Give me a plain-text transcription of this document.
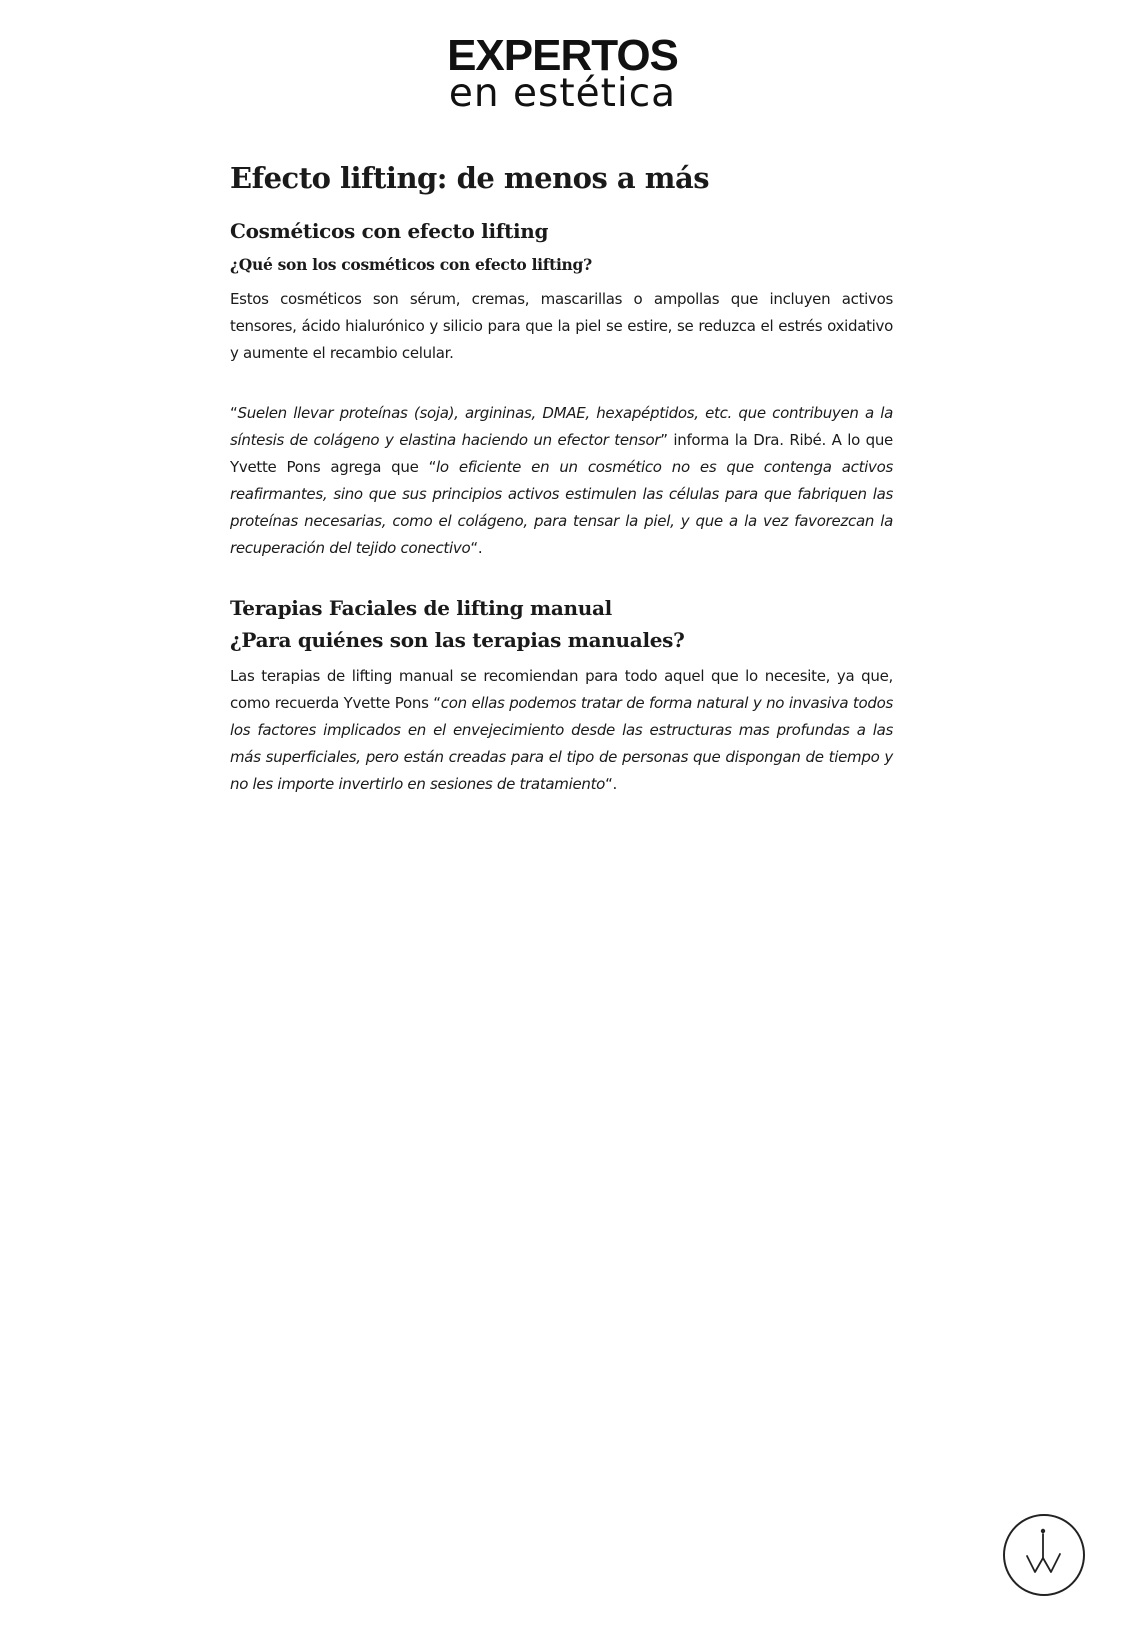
EXPERTOS
en estética
Efecto lifting: de menos a más
Cosméticos con efecto lifting
¿Qué son los cosméticos con efecto lifting?

Estos cosméticos son sérum, cremas, mascarillas o ampollas que incluyen activos tensores, ácido hialurónico y silicio para que la piel se estire, se reduzca el estrés oxidativo y aumente el recambio celular.

“Suelen llevar proteínas (soja), argininas, DMAE, hexapéptidos, etc. que contribuyen a la síntesis de colágeno y elastina haciendo un efector tensor” informa la Dra. Ribé. A lo que Yvette Pons agrega que “lo eficiente en un cosmético no es que contenga activos reafirmantes, sino que sus principios activos estimulen las células para que fabriquen las proteínas necesarias, como el colágeno, para tensar la piel, y que a la vez favorezcan la recuperación del tejido conectivo“.

Terapias Faciales de lifting manual
¿Para quiénes son las terapias manuales?

Las terapias de lifting manual se recomiendan para todo aquel que lo necesite, ya que, como recuerda Yvette Pons “con ellas podemos tratar de forma natural y no invasiva todos los factores implicados en el envejecimiento desde las estructuras mas profundas a las más superficiales, pero están creadas para el tipo de personas que dispongan de tiempo y no les importe invertirlo en sesiones de tratamiento“.
